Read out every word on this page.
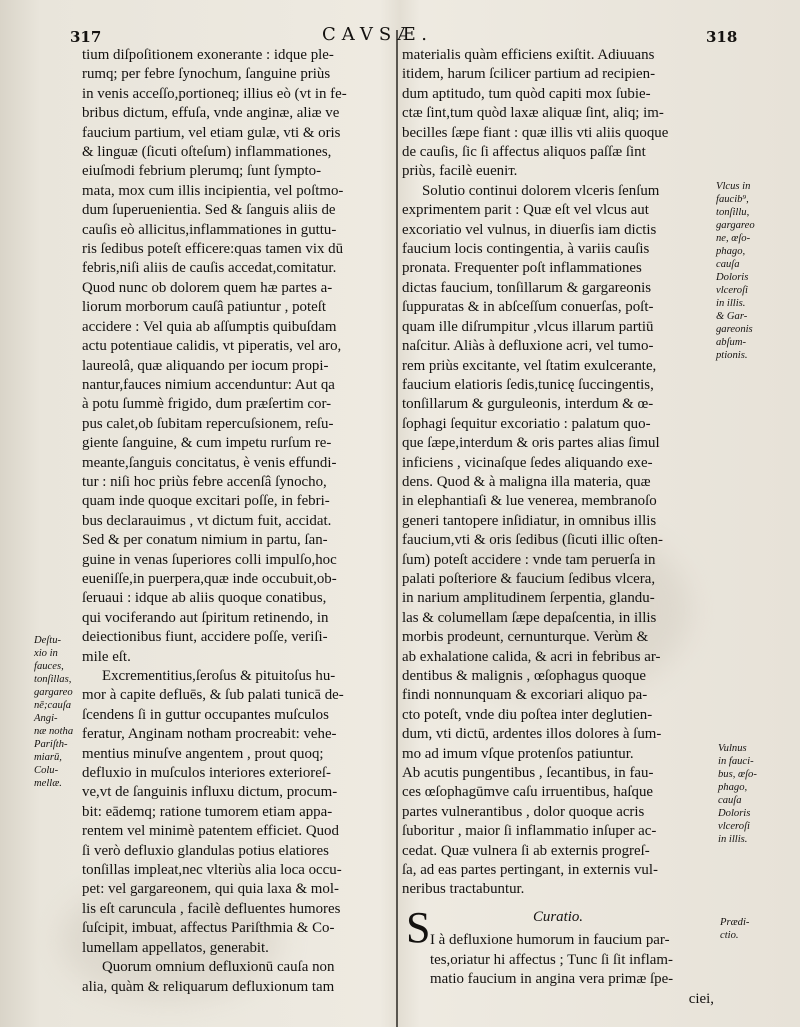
317	CAVSÆ.	318
tium diſpoſitionem exonerante : idque ple-
rumq; per febre ſynochum, ſanguine priùs
in venis acceſſo,portioneq; illius eò (vt in fe-
bribus dictum, effuſa, vnde anginæ, aliæ ve
faucium partium, vel etiam gulæ, vti & oris
& linguæ (ſicuti oſteſum) inflammationes,
eiuſmodi febrium plerumq; ſunt ſympto-
mata, mox cum illis incipientia, vel poſtmo-
dum ſuperuenientia. Sed & ſanguis aliis de
cauſis eò allicitus,inflammationes in guttu-
ris ſedibus poteſt efficere:quas tamen vix dū
febris,niſi aliis de cauſis accedat,comitatur.
Quod nunc ob dolorem quem hæ partes a-
liorum morborum cauſâ patiuntur , poteſt
accidere : Vel quia ab aſſumptis quibuſdam
actu potentiaue calidis, vt piperatis, vel aro,
laureolâ, quæ aliquando per iocum propi-
nantur,fauces nimium accenduntur: Aut qa
à potu ſummè frigido, dum præſertim cor-
pus calet,ob ſubitam repercuſsionem, reſu-
giente ſanguine, & cum impetu rurſum re-
meante,ſanguis concitatus, è venis effundi-
tur : niſi hoc priùs febre accenſâ ſynocho,
quam inde quoque excitari poſſe, in febri-
bus declarauimus , vt dictum fuit, accidat.
Sed & per conatum nimium in partu, ſan-
guine in venas ſuperiores colli impulſo,hoc
eueniſſe,in puerpera,quæ inde occubuit,ob-
ſeruaui : idque ab aliis quoque conatibus,
qui vociferando aut ſpiritum retinendo, in
deiectionibus fiunt, accidere poſſe, veriſi-
mile eſt.
Excrementitius,ſeroſus & pituitoſus hu-
mor à capite defluēs, & ſub palati tunicā de-
ſcendens ſi in guttur occupantes muſculos
feratur, Anginam notham procreabit: vehe-
mentius minuſve angentem , prout quoq;
defluxio in muſculos interiores exterioreſ-
ve,vt de ſanguinis influxu dictum, procum-
bit: eādemq; ratione tumorem etiam appa-
rentem vel minimè patentem efficiet. Quod
ſi verò defluxio glandulas potius elatiores
tonſillas impleat,nec vlteriùs alia loca occu-
pet: vel gargareonem, qui quia laxa & mol-
lis eſt caruncula , facilè defluentes humores
ſuſcipit, imbuat, affectus Pariſthmia & Co-
lumellam appellatos, generabit.
Quorum omnium defluxionū cauſa non
alia, quàm & reliquarum defluxionum tam
materialis quàm efficiens exiſtit. Adiuuans
itidem, harum ſcilicer partium ad recipien-
dum aptitudo, tum quòd capiti mox ſubie-
ctæ ſint,tum quòd laxæ aliquæ ſint, aliq; im-
becilles ſæpe fiant : quæ illis vti aliis quoque
de cauſis, ſic ſi affectus aliquos paſſæ ſint
priùs, facilè eueniт.
Solutio continui dolorem vlceris ſenſum
exprimentem parit : Quæ eſt vel vlcus aut
excoriatio vel vulnus, in diuerſis iam dictis
faucium locis contingentia, à variis cauſis
pronata. Frequenter poſt inflammationes
dictas faucium, tonſillarum & gargareonis
ſuppuratas & in abſceſſum conuerſas, poſt-
quam ille diſrumpitur ,vlcus illarum partiū
naſcitur. Aliàs à defluxione acri, vel tumo-
rem priùs excitante, vel ſtatim exulcerante,
faucium elatioris ſedis,tunicę ſuccingentis,
tonſillarum & gurguleonis, interdum & œ-
ſophagi ſequitur excoriatio : palatum quo-
que ſæpe,interdum & oris partes alias ſimul
inficiens , vicinaſque ſedes aliquando exe-
dens. Quod & à maligna illa materia, quæ
in elephantiaſi & lue venerea, membranoſo
generi tantopere inſidiatur, in omnibus illis
faucium,vti & oris ſedibus (ſicuti illic oſten-
ſum) poteſt accidere : vnde tam peruerſa in
palati poſteriore & faucium ſedibus vlcera,
in narium amplitudinem ſerpentia, glandu-
las & columellam ſæpe depaſcentia, in illis
morbis prodeunt, cernunturque. Verùm &
ab exhalatione calida, & acri in febribus ar-
dentibus & malignis , œſophagus quoque
findi nonnunquam & excoriari aliquo pa-
cto poteſt, vnde diu poſtea inter deglutien-
dum, vti dictū, ardentes illos dolores à ſum-
mo ad imum vſque protenſos patiuntur.
Ab acutis pungentibus , ſecantibus, in fau-
ces œſophagūmve caſu irruentibus, haſque
partes vulnerantibus , dolor quoque acris
ſuboritur , maior ſi inflammatio inſuper ac-
cedat. Quæ vulnera ſi ab externis progreſ-
ſa, ad eas partes pertingant, in externis vul-
neribus tractabuntur.
Curatio.
I à defluxione humorum in faucium par-
tes,oriatur hi affectus ; Tunc ſi ſit inflam-
matio faucium in angina vera primæ ſpe-
ciei,
S
Deſtu-
xio in
fauces,
tonſillas,
gargareo
nē;cauſa
Angi-
næ notha
Pariſth-
miarū,
Colu-
mellæ.
Vlcus in
faucib⁹,
tonſillu,
gargareo
ne, œſo-
phago,
cauſa
Doloris
vlceroſi
in illis.
& Gar-
gareonis
abſum-
ptionis.
Vulnus
in fauci-
bus, œſo-
phago,
cauſa
Doloris
vlceroſi
in illis.
Prædi-
ctio.
